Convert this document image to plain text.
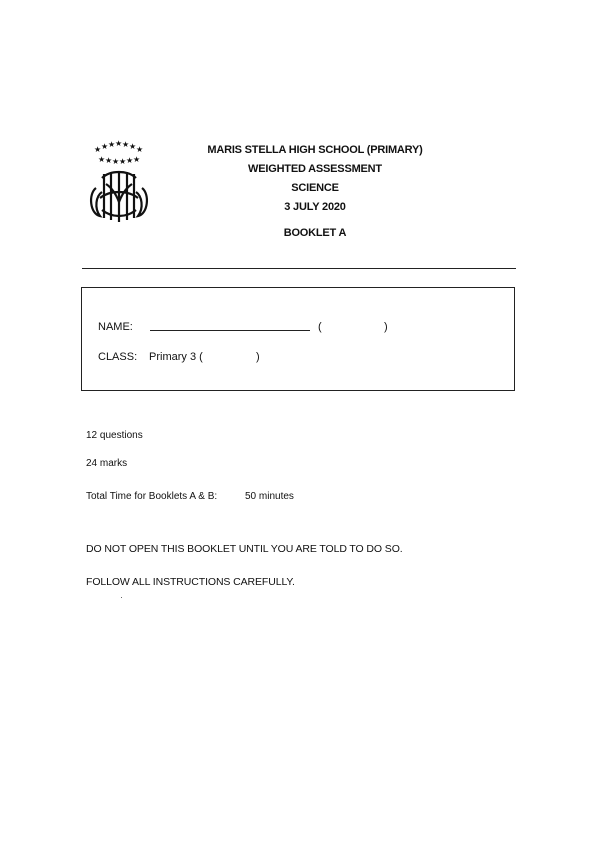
★ ★ ★ ★ ★ ★ ★
★ ★ ★ ★ ★ ★
MARIS STELLA HIGH SCHOOL (PRIMARY)
WEIGHTED ASSESSMENT
SCIENCE
3 JULY 2020
BOOKLET A
NAME:	(	)
CLASS: Primary 3 (	)
12 questions
24 marks
Total Time for Booklets A & B:	50 minutes
DO NOT OPEN THIS BOOKLET UNTIL YOU ARE TOLD TO DO SO.
FOLLOW ALL INSTRUCTIONS CAREFULLY.
